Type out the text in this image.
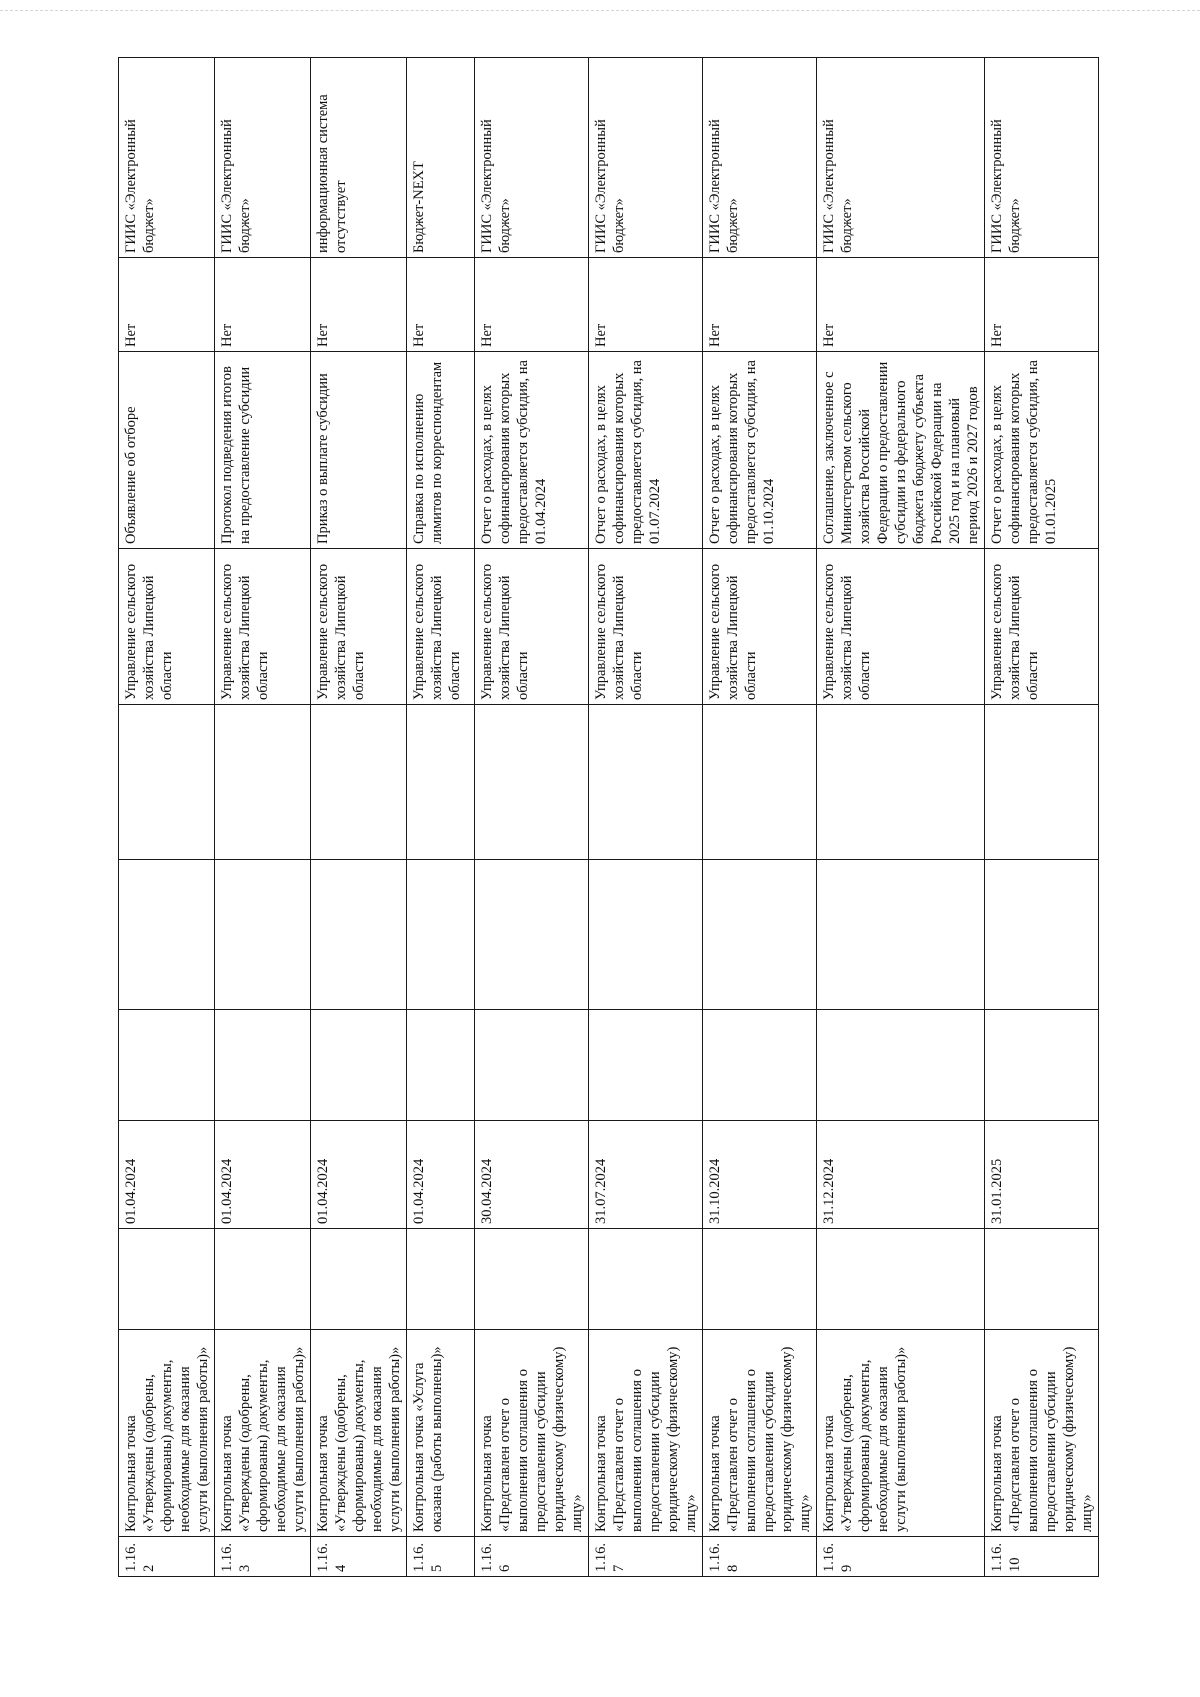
1.16.2	Контрольная точка «Утверждены (одобрены, сформированы) документы, необходимые для оказания услуги (выполнения работы)»		01.04.2024				Управление сельского хозяйства Липецкой области	Объявление об отборе	Нет	ГИИС «Электронный бюджет»
1.16.3	Контрольная точка «Утверждены (одобрены, сформированы) документы, необходимые для оказания услуги (выполнения работы)»		01.04.2024				Управление сельского хозяйства Липецкой области	Протокол подведения итогов на предоставление субсидии	Нет	ГИИС «Электронный бюджет»
1.16.4	Контрольная точка «Утверждены (одобрены, сформированы) документы, необходимые для оказания услуги (выполнения работы)»		01.04.2024				Управление сельского хозяйства Липецкой области	Приказ о выплате субсидии	Нет	информационная система отсутствует
1.16.5	Контрольная точка «Услуга оказана (работы выполнены)»		01.04.2024				Управление сельского хозяйства Липецкой области	Справка по исполнению лимитов по корреспондентам	Нет	Бюджет-NEXT
1.16.6	Контрольная точка «Представлен отчет о выполнении соглашения о предоставлении субсидии юридическому (физическому) лицу»		30.04.2024				Управление сельского хозяйства Липецкой области	Отчет о расходах, в целях софинансирования которых предоставляется субсидия, на 01.04.2024	Нет	ГИИС «Электронный бюджет»
1.16.7	Контрольная точка «Представлен отчет о выполнении соглашения о предоставлении субсидии юридическому (физическому) лицу»		31.07.2024				Управление сельского хозяйства Липецкой области	Отчет о расходах, в целях софинансирования которых предоставляется субсидия, на 01.07.2024	Нет	ГИИС «Электронный бюджет»
1.16.8	Контрольная точка «Представлен отчет о выполнении соглашения о предоставлении субсидии юридическому (физическому) лицу»		31.10.2024				Управление сельского хозяйства Липецкой области	Отчет о расходах, в целях софинансирования которых предоставляется субсидия, на 01.10.2024	Нет	ГИИС «Электронный бюджет»
1.16.9	Контрольная точка «Утверждены (одобрены, сформированы) документы, необходимые для оказания услуги (выполнения работы)»		31.12.2024				Управление сельского хозяйства Липецкой области	Соглашение, заключенное с Министерством сельского хозяйства Российской Федерации о предоставлении субсидии из федерального бюджета бюджету субъекта Российской Федерации на 2025 год и на плановый период 2026 и 2027 годов	Нет	ГИИС «Электронный бюджет»
1.16.10	Контрольная точка «Представлен отчет о выполнении соглашения о предоставлении субсидии юридическому (физическому) лицу»		31.01.2025				Управление сельского хозяйства Липецкой области	Отчет о расходах, в целях софинансирования которых предоставляется субсидия, на 01.01.2025	Нет	ГИИС «Электронный бюджет»
